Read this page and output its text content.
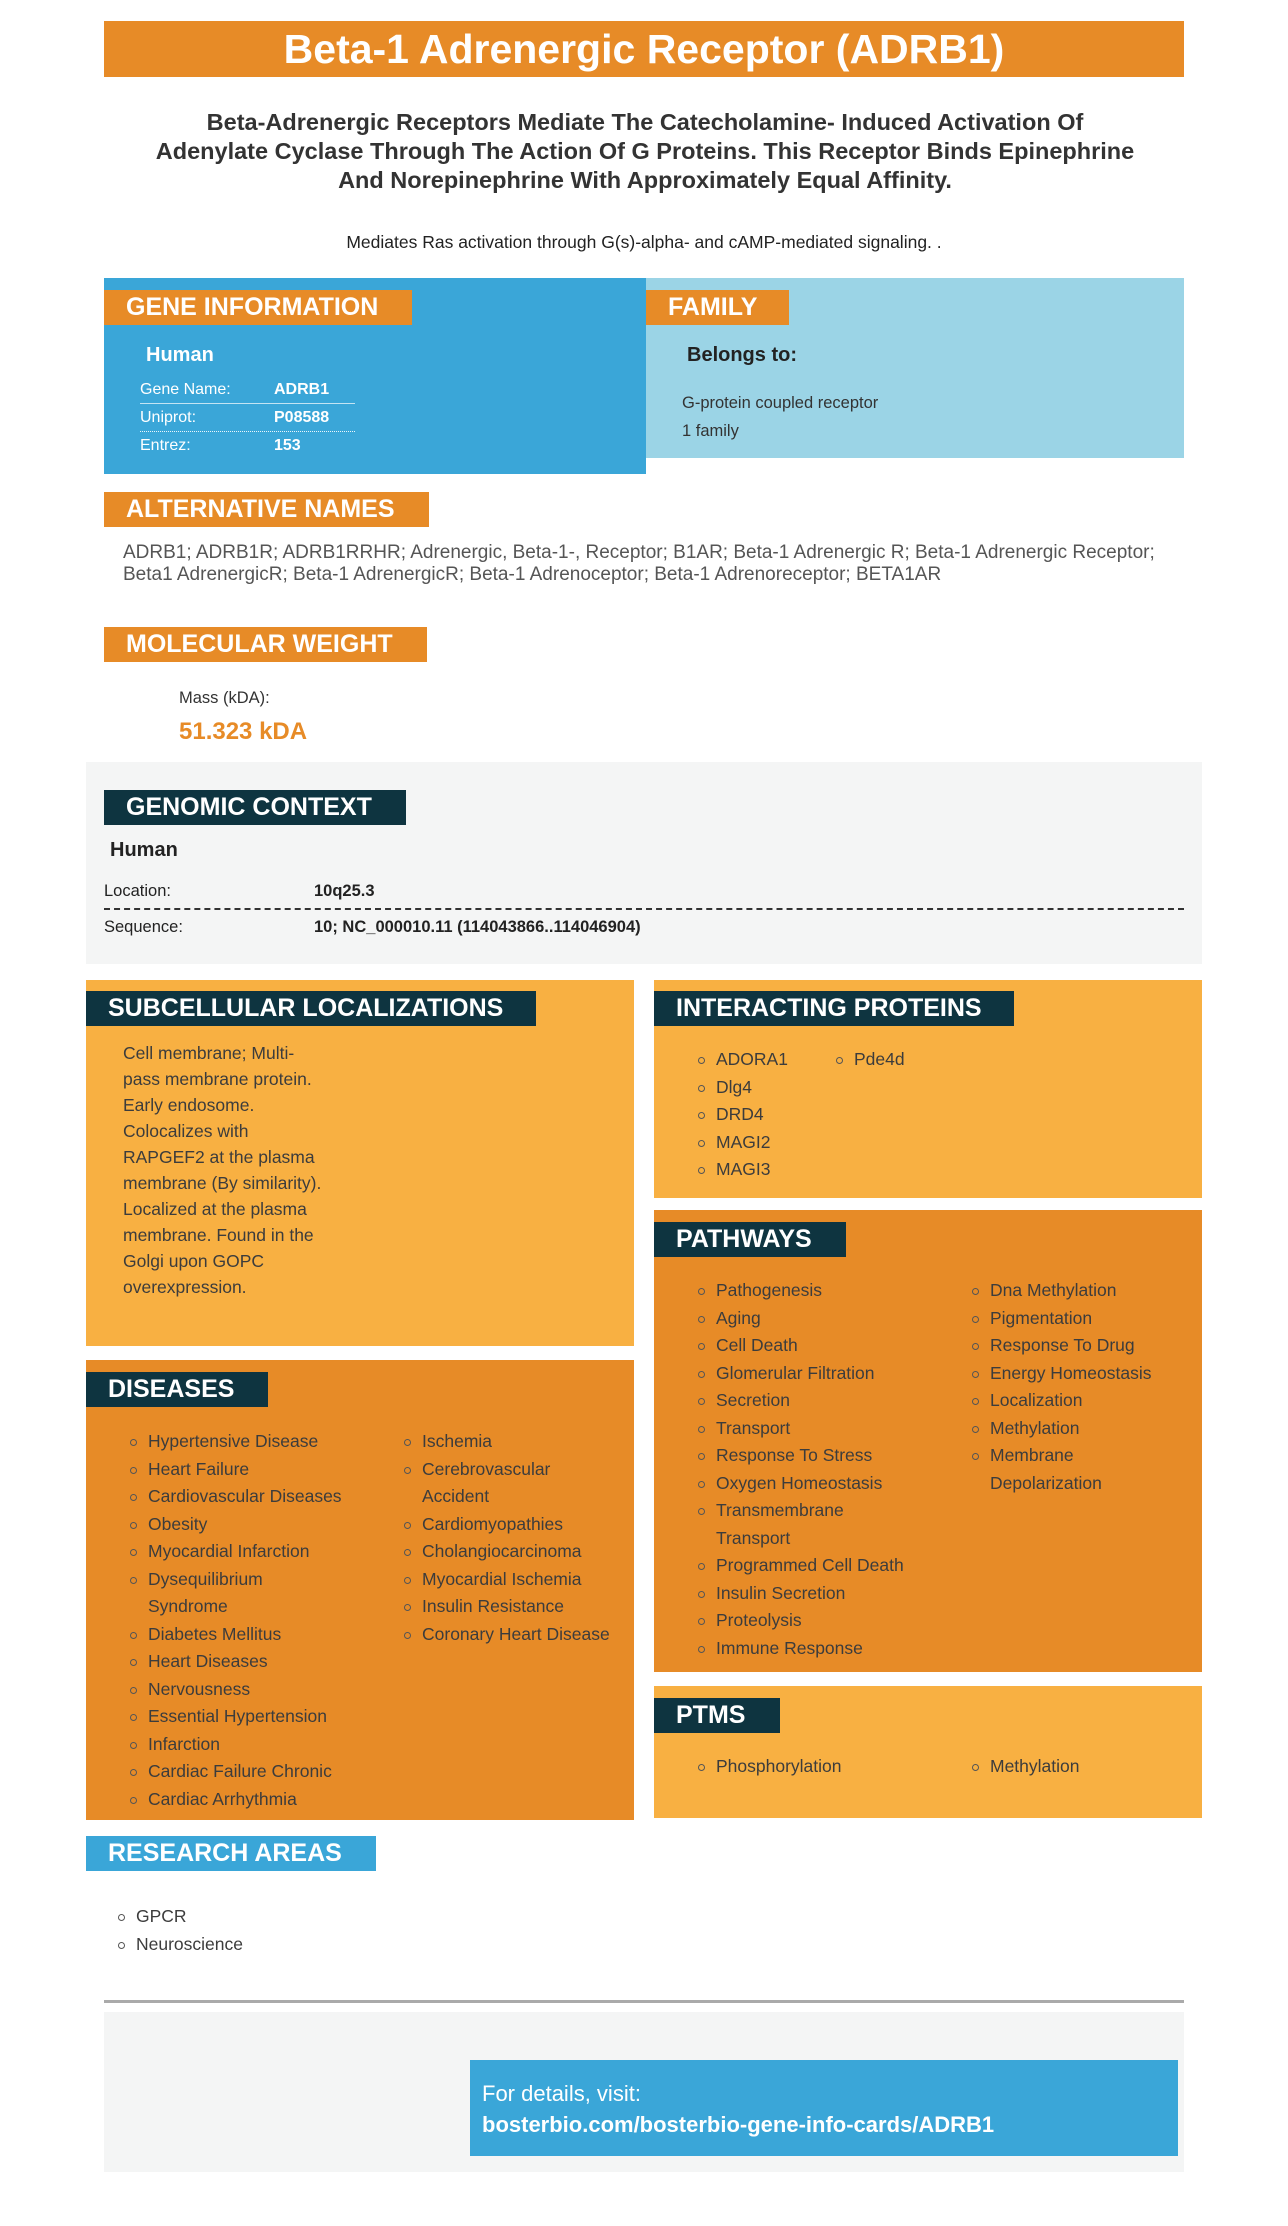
Beta-1 Adrenergic Receptor (ADRB1)
Beta-Adrenergic Receptors Mediate The Catecholamine- Induced Activation Of Adenylate Cyclase Through The Action Of G Proteins. This Receptor Binds Epinephrine And Norepinephrine With Approximately Equal Affinity.
Mediates Ras activation through G(s)-alpha- and cAMP-mediated signaling. .
GENE INFORMATION
Human
Gene Name:	ADRB1
Uniprot:	P08588
Entrez:	153
FAMILY
Belongs to:
G-protein coupled receptor
1 family
ALTERNATIVE NAMES
ADRB1; ADRB1R; ADRB1RRHR; Adrenergic, Beta-1-, Receptor; B1AR; Beta-1 Adrenergic R; Beta-1 Adrenergic Receptor; Beta1 AdrenergicR; Beta-1 AdrenergicR; Beta-1 Adrenoceptor; Beta-1 Adrenoreceptor; BETA1AR
MOLECULAR WEIGHT
Mass (kDA):
51.323 kDA
GENOMIC CONTEXT
Human
Location:	10q25.3
Sequence:	10; NC_000010.11 (114043866..114046904)
SUBCELLULAR LOCALIZATIONS
Cell membrane; Multi-
pass membrane protein.
Early endosome.
Colocalizes with
RAPGEF2 at the plasma
membrane (By similarity).
Localized at the plasma
membrane. Found in the
Golgi upon GOPC
overexpression.
INTERACTING PROTEINS
ADORA1
Dlg4
DRD4
MAGI2
MAGI3
Pde4d
PATHWAYS
Pathogenesis
Aging
Cell Death
Glomerular Filtration
Secretion
Transport
Response To Stress
Oxygen Homeostasis
Transmembrane Transport
Programmed Cell Death
Insulin Secretion
Proteolysis
Immune Response
Dna Methylation
Pigmentation
Response To Drug
Energy Homeostasis
Localization
Methylation
Membrane Depolarization
DISEASES
Hypertensive Disease
Heart Failure
Cardiovascular Diseases
Obesity
Myocardial Infarction
Dysequilibrium Syndrome
Diabetes Mellitus
Heart Diseases
Nervousness
Essential Hypertension
Infarction
Cardiac Failure Chronic
Cardiac Arrhythmia
Ischemia
Cerebrovascular Accident
Cardiomyopathies
Cholangiocarcinoma
Myocardial Ischemia
Insulin Resistance
Coronary Heart Disease
PTMS
Phosphorylation	Methylation
RESEARCH AREAS
GPCR
Neuroscience
For details, visit:
bosterbio.com/bosterbio-gene-info-cards/ADRB1
